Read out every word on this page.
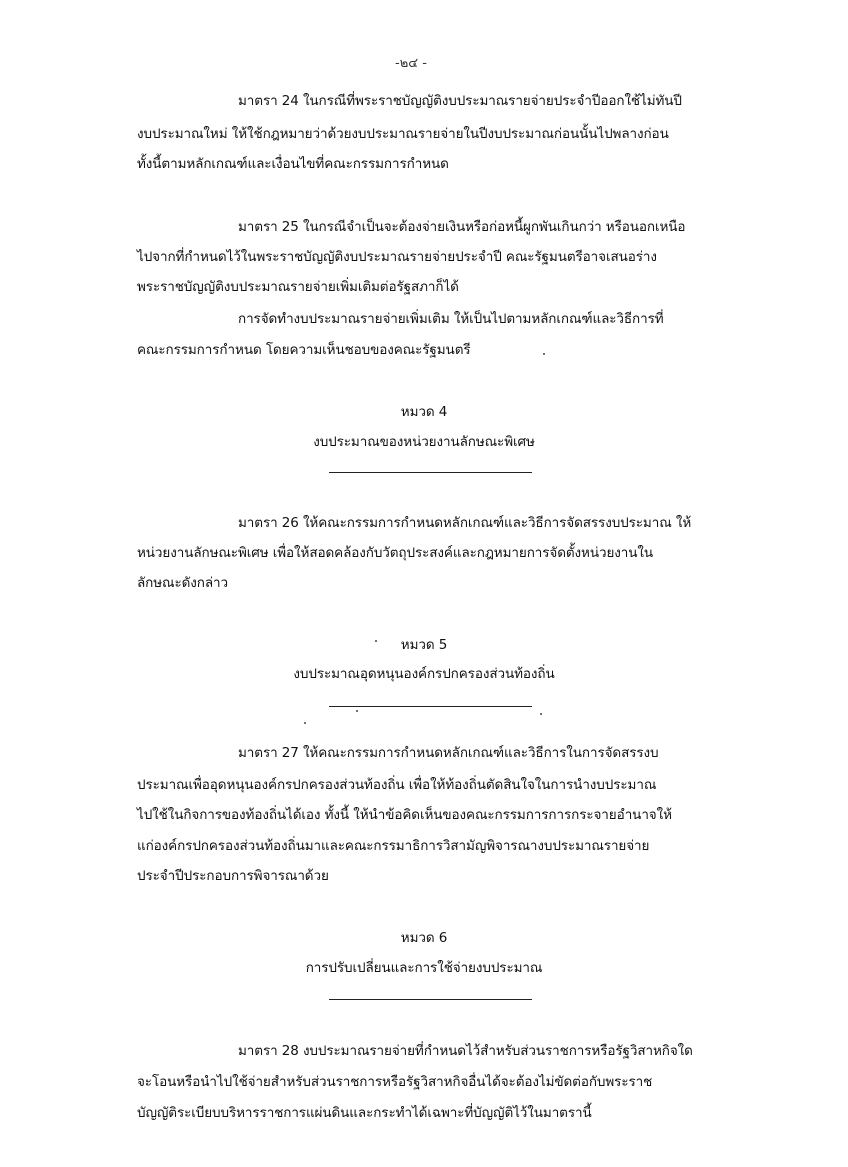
-๒๔ -
มาตรา 24 ในกรณีที่พระราชบัญญัติงบประมาณรายจ่ายประจำปีออกใช้ไม่ทันปี
งบประมาณใหม่ ให้ใช้กฎหมายว่าด้วยงบประมาณรายจ่ายในปีงบประมาณก่อนนั้นไปพลางก่อน
ทั้งนี้ตามหลักเกณฑ์และเงื่อนไขที่คณะกรรมการกำหนด
มาตรา 25 ในกรณีจำเป็นจะต้องจ่ายเงินหรือก่อหนี้ผูกพันเกินกว่า หรือนอกเหนือ
ไปจากที่กำหนดไว้ในพระราชบัญญัติงบประมาณรายจ่ายประจำปี คณะรัฐมนตรีอาจเสนอร่าง
พระราชบัญญัติงบประมาณรายจ่ายเพิ่มเติมต่อรัฐสภาก็ได้
การจัดทำงบประมาณรายจ่ายเพิ่มเติม ให้เป็นไปตามหลักเกณฑ์และวิธีการที่
คณะกรรมการกำหนด โดยความเห็นชอบของคณะรัฐมนตรี
หมวด 4
งบประมาณของหน่วยงานลักษณะพิเศษ
มาตรา 26 ให้คณะกรรมการกำหนดหลักเกณฑ์และวิธีการจัดสรรงบประมาณ ให้
หน่วยงานลักษณะพิเศษ เพื่อให้สอดคล้องกับวัตถุประสงค์และกฎหมายการจัดตั้งหน่วยงานใน
ลักษณะดังกล่าว
หมวด 5
งบประมาณอุดหนุนองค์กรปกครองส่วนท้องถิ่น
มาตรา 27 ให้คณะกรรมการกำหนดหลักเกณฑ์และวิธีการในการจัดสรรงบ
ประมาณเพื่ออุดหนุนองค์กรปกครองส่วนท้องถิ่น เพื่อให้ท้องถิ่นตัดสินใจในการนำงบประมาณ
ไปใช้ในกิจการของท้องถิ่นได้เอง ทั้งนี้ ให้นำข้อคิดเห็นของคณะกรรมการการกระจายอำนาจให้
แก่องค์กรปกครองส่วนท้องถิ่นมาและคณะกรรมาธิการวิสามัญพิจารณางบประมาณรายจ่าย
ประจำปีประกอบการพิจารณาด้วย
หมวด 6
การปรับเปลี่ยนและการใช้จ่ายงบประมาณ
มาตรา 28 งบประมาณรายจ่ายที่กำหนดไว้สำหรับส่วนราชการหรือรัฐวิสาหกิจใด
จะโอนหรือนำไปใช้จ่ายสำหรับส่วนราชการหรือรัฐวิสาหกิจอื่นได้จะต้องไม่ขัดต่อกับพระราช
บัญญัติระเบียบบริหารราชการแผ่นดินและกระทำได้เฉพาะที่บัญญัติไว้ในมาตรานี้
